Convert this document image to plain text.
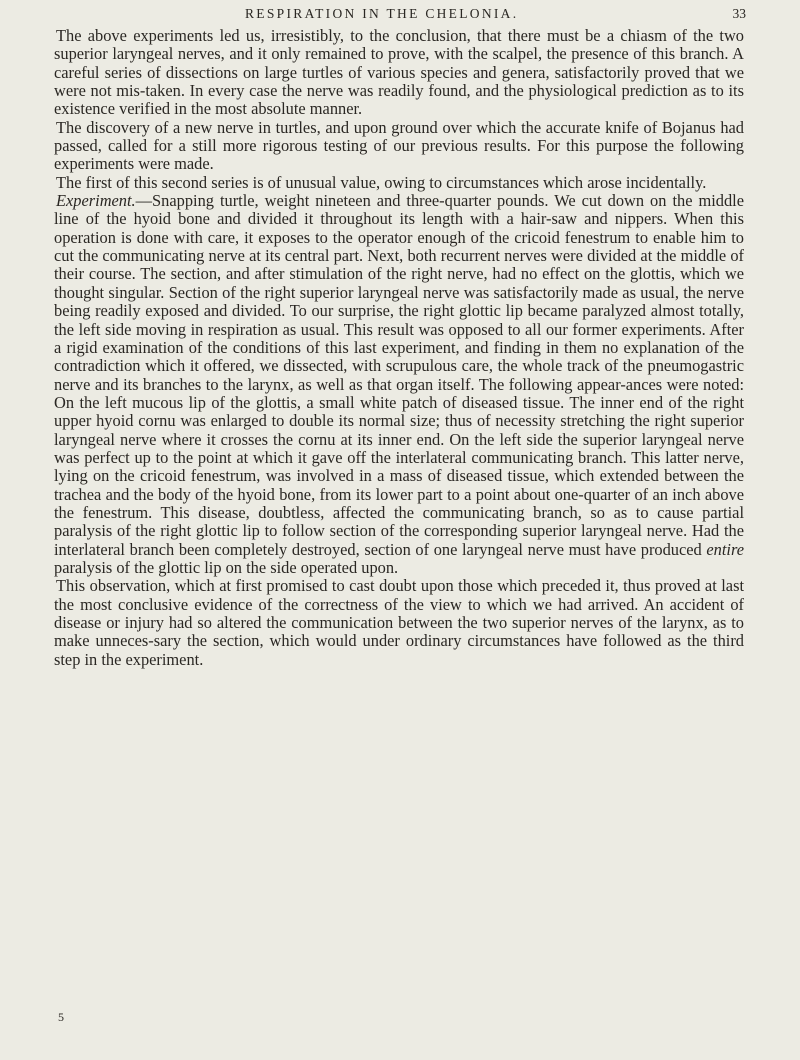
RESPIRATION IN THE CHELONIA.	33

The above experiments led us, irresistibly, to the conclusion, that there must be a chiasm of the two superior laryngeal nerves, and it only remained to prove, with the scalpel, the presence of this branch. A careful series of dissections on large turtles of various species and genera, satisfactorily proved that we were not mis-taken. In every case the nerve was readily found, and the physiological prediction as to its existence verified in the most absolute manner.

The discovery of a new nerve in turtles, and upon ground over which the accurate knife of Bojanus had passed, called for a still more rigorous testing of our previous results. For this purpose the following experiments were made.

The first of this second series is of unusual value, owing to circumstances which arose incidentally.

Experiment.—Snapping turtle, weight nineteen and three-quarter pounds. We cut down on the middle line of the hyoid bone and divided it throughout its length with a hair-saw and nippers. When this operation is done with care, it exposes to the operator enough of the cricoid fenestrum to enable him to cut the communicating nerve at its central part. Next, both recurrent nerves were divided at the middle of their course. The section, and after stimulation of the right nerve, had no effect on the glottis, which we thought singular. Section of the right superior laryngeal nerve was satisfactorily made as usual, the nerve being readily exposed and divided. To our surprise, the right glottic lip became paralyzed almost totally, the left side moving in respiration as usual. This result was opposed to all our former experiments. After a rigid examination of the conditions of this last experiment, and finding in them no explanation of the contradiction which it offered, we dissected, with scrupulous care, the whole track of the pneumogastric nerve and its branches to the larynx, as well as that organ itself. The following appear-ances were noted: On the left mucous lip of the glottis, a small white patch of diseased tissue. The inner end of the right upper hyoid cornu was enlarged to double its normal size; thus of necessity stretching the right superior laryngeal nerve where it crosses the cornu at its inner end. On the left side the superior laryngeal nerve was perfect up to the point at which it gave off the interlateral communicating branch. This latter nerve, lying on the cricoid fenestrum, was involved in a mass of diseased tissue, which extended between the trachea and the body of the hyoid bone, from its lower part to a point about one-quarter of an inch above the fenestrum. This disease, doubtless, affected the communicating branch, so as to cause partial paralysis of the right glottic lip to follow section of the corresponding superior laryngeal nerve. Had the interlateral branch been completely destroyed, section of one laryngeal nerve must have produced entire paralysis of the glottic lip on the side operated upon.

This observation, which at first promised to cast doubt upon those which preceded it, thus proved at last the most conclusive evidence of the correctness of the view to which we had arrived. An accident of disease or injury had so altered the communication between the two superior nerves of the larynx, as to make unneces-sary the section, which would under ordinary circumstances have followed as the third step in the experiment.

5
